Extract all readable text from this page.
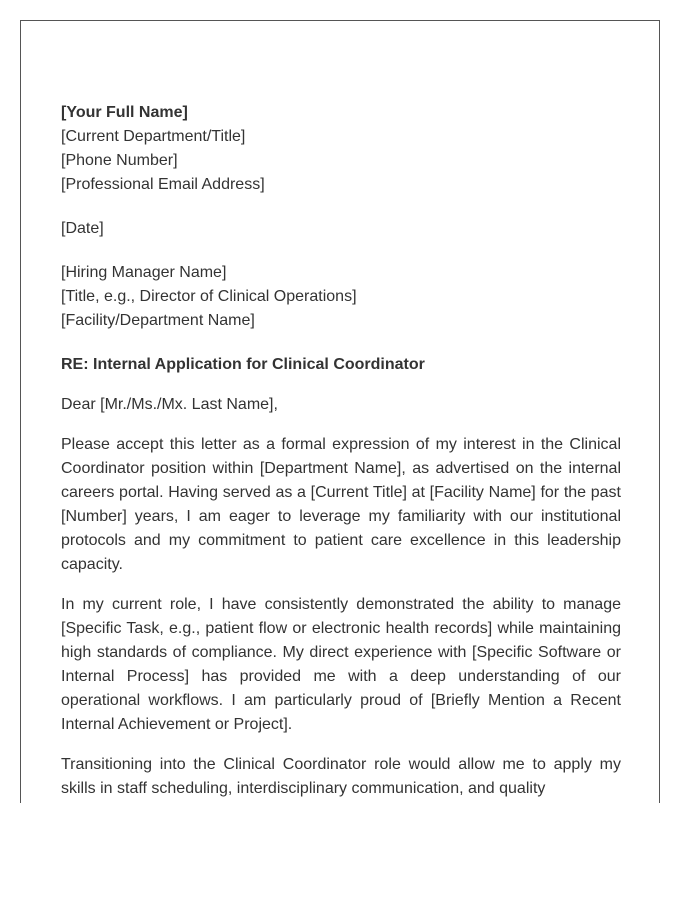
[Your Full Name]
[Current Department/Title]
[Phone Number]
[Professional Email Address]
[Date]
[Hiring Manager Name]
[Title, e.g., Director of Clinical Operations]
[Facility/Department Name]
RE: Internal Application for Clinical Coordinator
Dear [Mr./Ms./Mx. Last Name],

Please accept this letter as a formal expression of my interest in the Clinical Coordinator position within [Department Name], as advertised on the internal careers portal. Having served as a [Current Title] at [Facility Name] for the past [Number] years, I am eager to leverage my familiarity with our institutional protocols and my commitment to patient care excellence in this leadership capacity.

In my current role, I have consistently demonstrated the ability to manage [Specific Task, e.g., patient flow or electronic health records] while maintaining high standards of compliance. My direct experience with [Specific Software or Internal Process] has provided me with a deep understanding of our operational workflows. I am particularly proud of [Briefly Mention a Recent Internal Achievement or Project].

Transitioning into the Clinical Coordinator role would allow me to apply my skills in staff scheduling, interdisciplinary communication, and quality
